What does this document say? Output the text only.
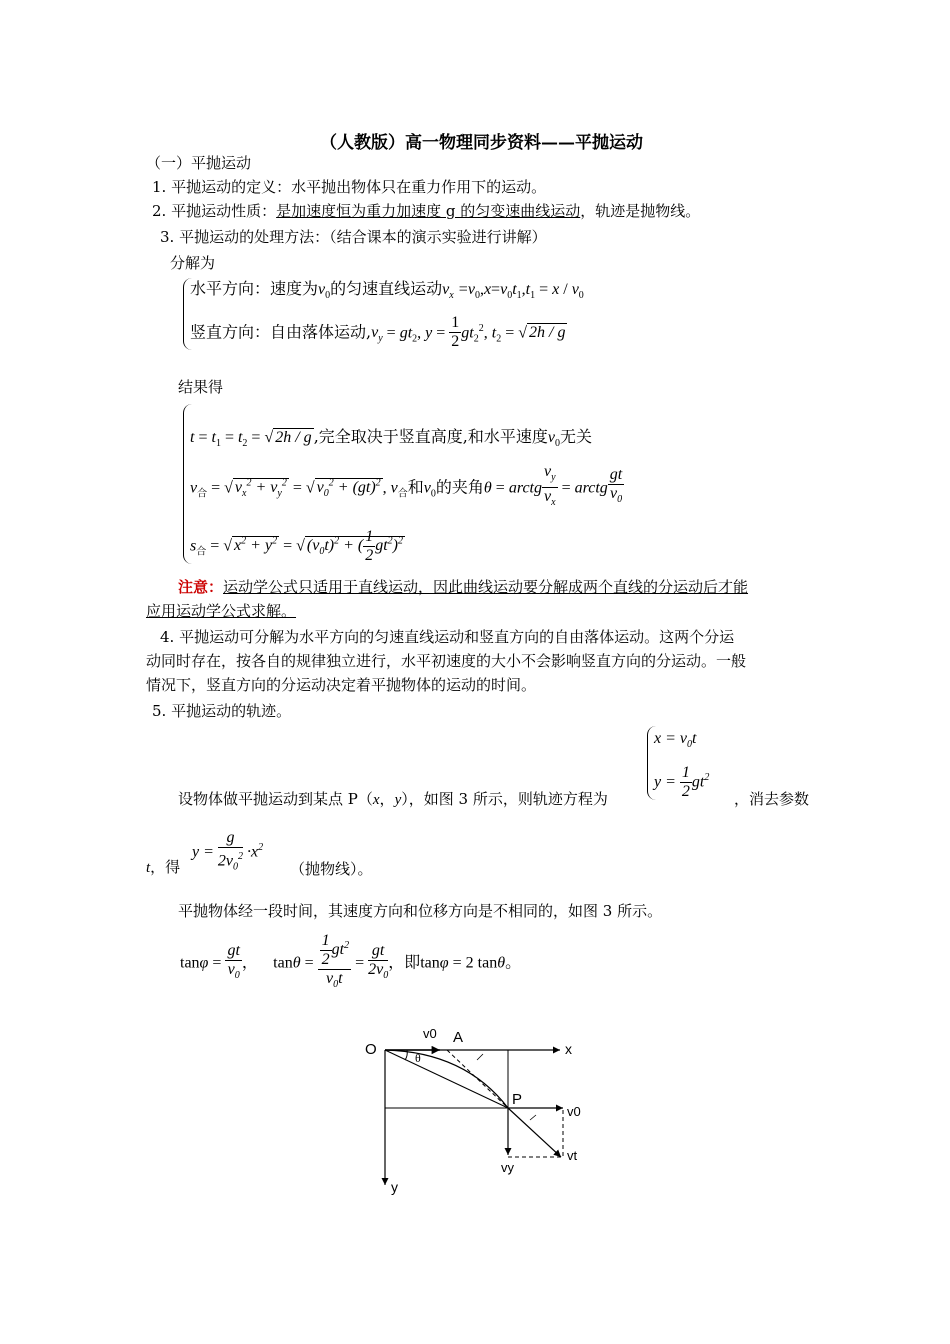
（人教版）高一物理同步资料——平抛运动
（一）平抛运动
1. 平抛运动的定义：水平抛出物体只在重力作用下的运动。
2. 平抛运动性质：是加速度恒为重力加速度 g 的匀变速曲线运动，轨迹是抛物线。
3. 平抛运动的处理方法：（结合课本的演示实验进行讲解）
分解为
水平方向：速度为$v_0$的匀速直线运动$v_x =v_0,x=v_0t_1,t_1 = x / v_0$
竖直方向：自由落体运动$,v_y = gt_2$, $y = \frac{1}{2} gt_2^2$, $t_2$ = √ 2h / g
结果得
$t = t_1 = t_2$ = √ 2h / g ,完全取决于竖直高度,和水平速度$v_0$无关
$v_合$ = √ $v_x^2 + v_y^2$ = √ $v_0^2 + (gt)^2$ , $v_合$和$v_0$的夹角θ = arctg $\frac{v_y}{v_x}$ = arctg $\frac{gt}{v_0}$
$s_合$ = √ $x^2 + y^2$ = √ $(v_0t)^2$ + ( $\frac{1}{2} gt^2)^2$
注意：运动学公式只适用于直线运动，因此曲线运动要分解成两个直线的分运动后才能
应用运动学公式求解。
4. 平抛运动可分解为水平方向的匀速直线运动和竖直方向的自由落体运动。这两个分运
动同时存在，按各自的规律独立进行，水平初速度的大小不会影响竖直方向的分运动。一般
情况下，竖直方向的分运动决定着平抛物体的运动的时间。
5. 平抛运动的轨迹。
$x = v_0t$
$y = \frac{1}{2} gt^2$
设物体做平抛运动到某点 P（x，y），如图 3 所示，则轨迹方程为	，消去参数
t，得
$y = \frac{g}{2v_0^2} \cdot x^2$
（抛物线）。
平抛物体经一段时间，其速度方向和位移方向是不相同的，如图 3 所示。
$\tan\varphi = \frac{gt}{v_0}$ ， $\tan\theta = \frac{\frac{1}{2} gt^2}{v_0t} = \frac{gt}{2v_0}$ ，即tanφ = 2 tanθ。
O
A
P
x
y
v0
θ
v0
vt
vy
